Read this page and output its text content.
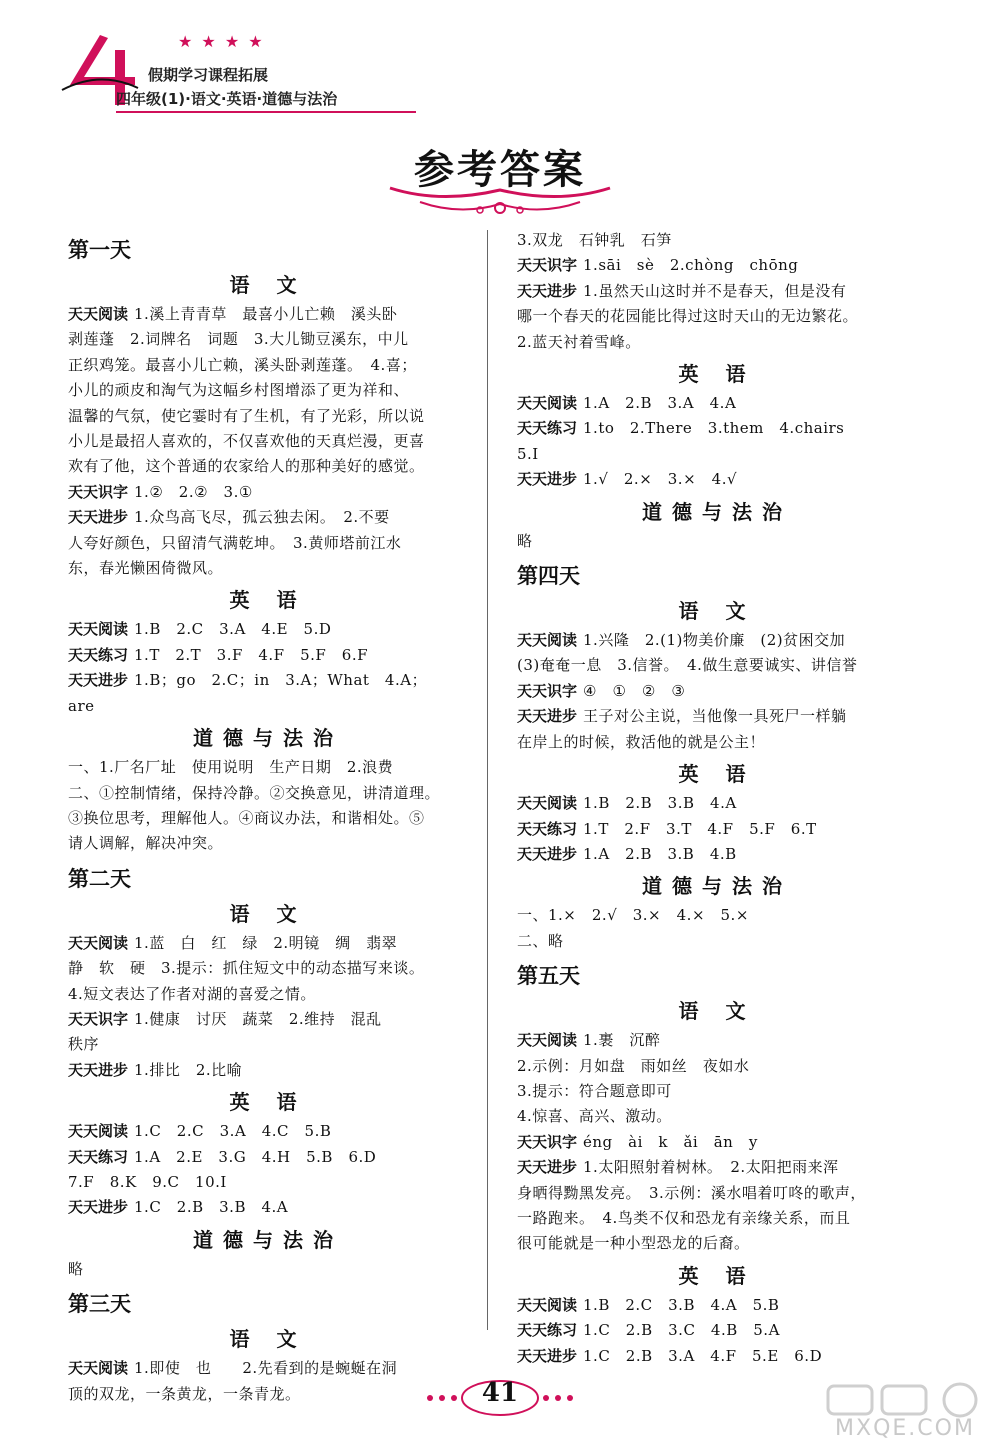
★ ★ ★ ★
假期学习课程拓展
四年级(1)·语文·英语·道德与法治
参考答案
第一天
语 文
天天阅读 1.溪上青青草　最喜小儿亡赖　溪头卧
剥莲蓬　2.词牌名　词题　3.大儿锄豆溪东，中儿
正织鸡笼。最喜小儿亡赖，溪头卧剥莲蓬。　4.喜；
小儿的顽皮和淘气为这幅乡村图增添了更为祥和、
温馨的气氛，使它霎时有了生机，有了光彩，所以说
小儿是最招人喜欢的，不仅喜欢他的天真烂漫，更喜
欢有了他，这个普通的农家给人的那种美好的感觉。
天天识字 1.②　2.②　3.①
天天进步 1.众鸟高飞尽，孤云独去闲。　2.不要
人夸好颜色，只留清气满乾坤。　3.黄师塔前江水
东，春光懒困倚微风。
英 语
天天阅读 1.B　2.C　3.A　4.E　5.D
天天练习 1.T　2.T　3.F　4.F　5.F　6.F
天天进步 1.B；go　2.C；in　3.A；What　4.A；
are
道德与法治
一、1.厂名厂址　使用说明　生产日期　2.浪费
二、①控制情绪，保持冷静。②交换意见，讲清道理。
③换位思考，理解他人。④商议办法，和谐相处。⑤
请人调解，解决冲突。
第二天
语 文
天天阅读 1.蓝　白　红　绿　2.明镜　绸　翡翠
静　软　硬　3.提示：抓住短文中的动态描写来谈。
4.短文表达了作者对湖的喜爱之情。
天天识字 1.健康　讨厌　蔬菜　2.维持　混乱
秩序
天天进步 1.排比　2.比喻
英 语
天天阅读 1.C　2.C　3.A　4.C　5.B
天天练习 1.A　2.E　3.G　4.H　5.B　6.D
7.F　8.K　9.C　10.I
天天进步 1.C　2.B　3.B　4.A
道德与法治
略
第三天
语 文
天天阅读 1.即使　也　　2.先看到的是蜿蜒在洞
顶的双龙，一条黄龙，一条青龙。
3.双龙　石钟乳　石笋
天天识字 1.sāi　sè　2.chòng　chōng
天天进步 1.虽然天山这时并不是春天，但是没有
哪一个春天的花园能比得过这时天山的无边繁花。
2.蓝天衬着雪峰。
英 语
天天阅读 1.A　2.B　3.A　4.A
天天练习 1.to　2.There　3.them　4.chairs
5.I
天天进步 1.√　2.×　3.×　4.√
道德与法治
略
第四天
语 文
天天阅读 1.兴隆　2.(1)物美价廉　(2)贫困交加
(3)奄奄一息　3.信誉。　4.做生意要诚实、讲信誉
天天识字 ④　①　②　③
天天进步 王子对公主说，当他像一具死尸一样躺
在岸上的时候，救活他的就是公主！
英 语
天天阅读 1.B　2.B　3.B　4.A
天天练习 1.T　2.F　3.T　4.F　5.F　6.T
天天进步 1.A　2.B　3.B　4.B
道德与法治
一、1.×　2.√　3.×　4.×　5.×
二、略
第五天
语 文
天天阅读 1.裹　沉醉
2.示例：月如盘　雨如丝　夜如水
3.提示：符合题意即可
4.惊喜、高兴、激动。
天天识字 éng　ài　k　ǎi　ān　y
天天进步 1.太阳照射着树林。　2.太阳把雨来浑
身晒得黝黑发亮。　3.示例：溪水唱着叮咚的歌声，
一路跑来。　4.鸟类不仅和恐龙有亲缘关系，而且
很可能就是一种小型恐龙的后裔。
英 语
天天阅读 1.B　2.C　3.B　4.A　5.B
天天练习 1.C　2.B　3.C　4.B　5.A
天天进步 1.C　2.B　3.A　4.F　5.E　6.D
41
MXQE.COM
